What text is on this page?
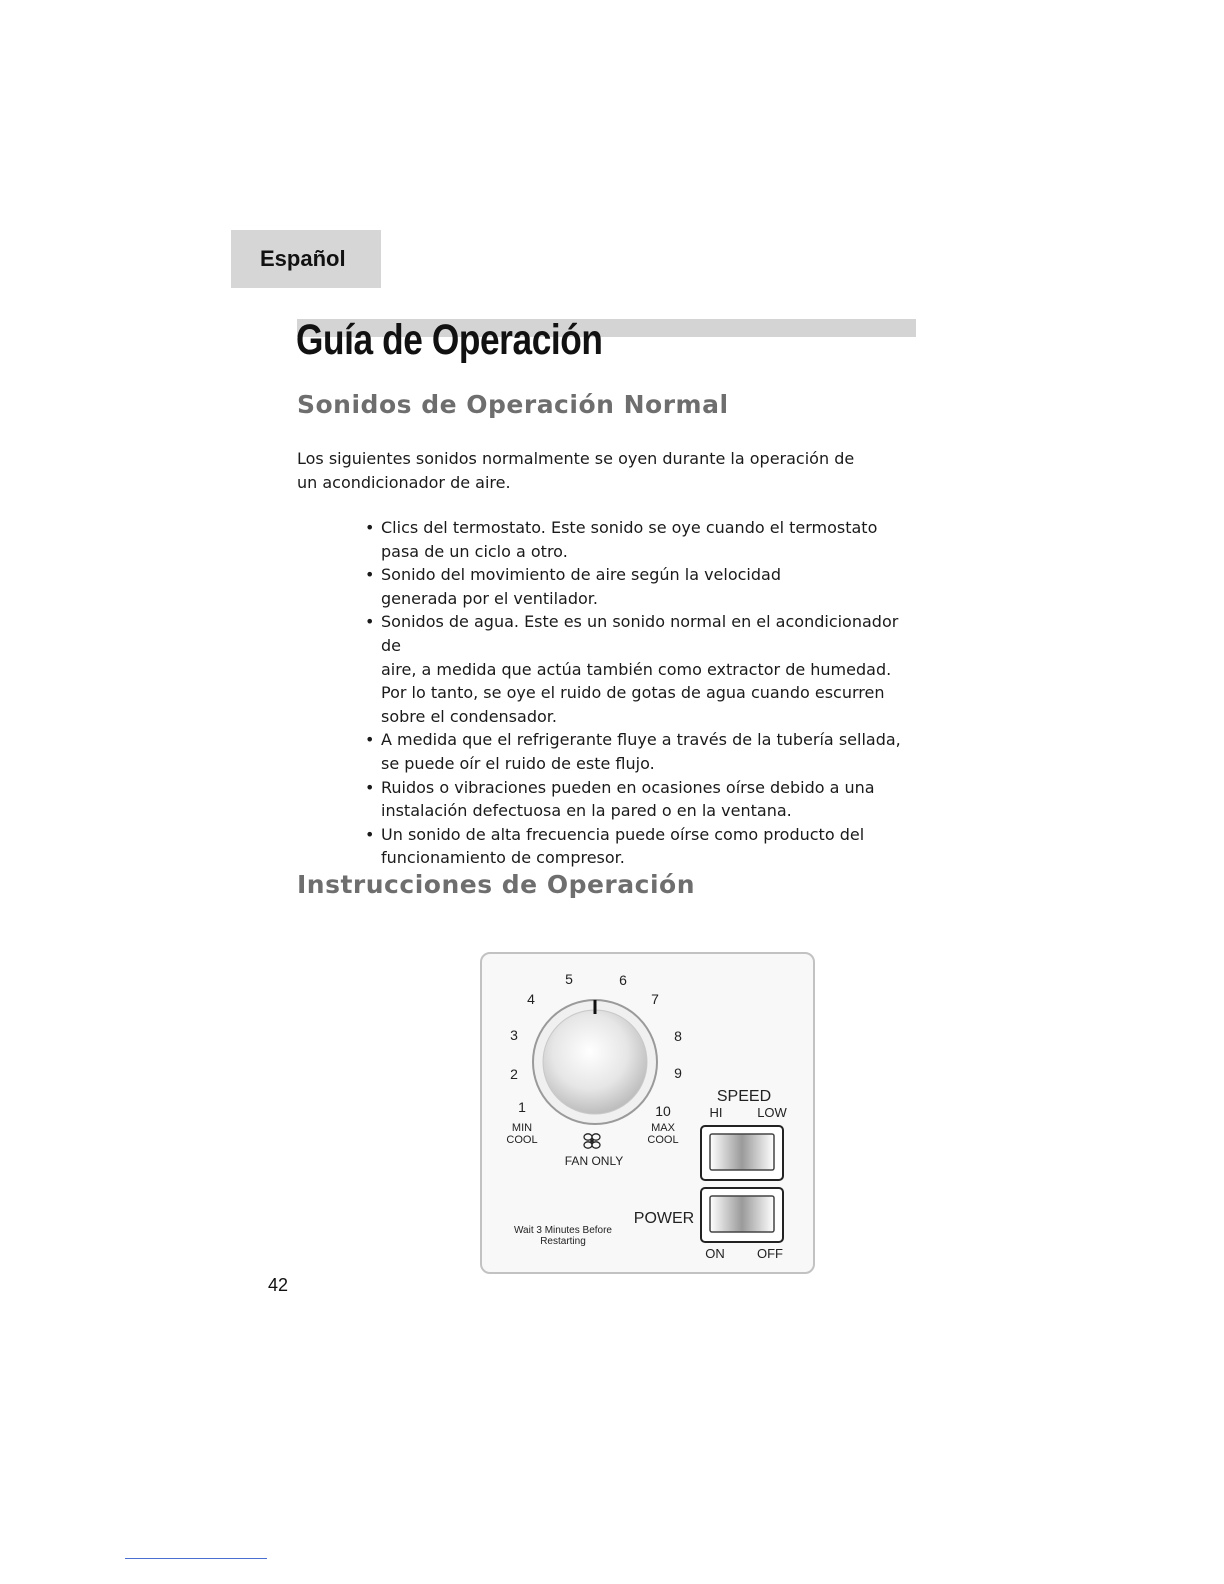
Español
Guía de Operación
Sonidos de Operación Normal

Los siguientes sonidos normalmente se oyen durante la operación de
un acondicionador de aire.

• Clics del termostato. Este sonido se oye cuando el termostato
pasa de un ciclo a otro.
• Sonido del movimiento de aire según la velocidad
generada por el ventilador.
• Sonidos de agua. Este es un sonido normal en el acondicionador de
aire, a medida que actúa también como extractor de humedad.
Por lo tanto, se oye el ruido de gotas de agua cuando escurren
sobre el condensador.
• A medida que el refrigerante fluye a través de la tubería sellada,
se puede oír el ruido de este flujo.
• Ruidos o vibraciones pueden en ocasiones oírse debido a una
instalación defectuosa en la pared o en la ventana.
• Un sonido de alta frecuencia puede oírse como producto del
funcionamiento de compresor.
Instrucciones de Operación
1
2
3
4
5	6
7
8
9
10
MIN
COOL
MAX
COOL
FAN ONLY
SPEED
HI	LOW
POWER
ON OFF
Wait 3 Minutes Before
Restarting
42
